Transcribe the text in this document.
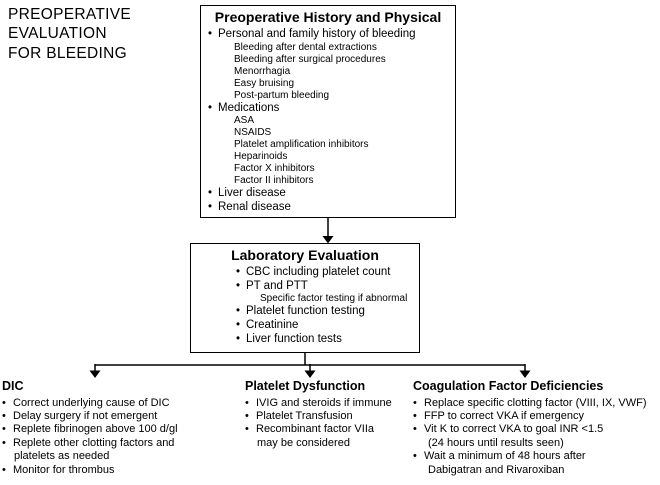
PREOPERATIVE
EVALUATION
FOR BLEEDING
Preoperative History and Physical
• Personal and family history of bleeding
Bleeding after dental extractions
Bleeding after surgical procedures
Menorrhagia
Easy bruising
Post-partum bleeding
• Medications
ASA
NSAIDS
Platelet amplification inhibitors
Heparinoids
Factor X inhibitors
Factor II inhibitors
• Liver disease
• Renal disease
Laboratory Evaluation
• CBC including platelet count
• PT and PTT
Specific factor testing if abnormal
• Platelet function testing
• Creatinine
• Liver function tests
DIC
• Correct underlying cause of DIC
• Delay surgery if not emergent
• Replete fibrinogen above 100 d/gl
• Replete other clotting factors and
platelets as needed
• Monitor for thrombus
Platelet Dysfunction
• IVIG and steroids if immune
• Platelet Transfusion
• Recombinant factor VIIa
may be considered
Coagulation Factor Deficiencies
• Replace specific clotting factor (VIII, IX, VWF)
• FFP to correct VKA if emergency
• Vit K to correct VKA to goal INR <1.5
(24 hours until results seen)
• Wait a minimum of 48 hours after
Dabigatran and Rivaroxiban
